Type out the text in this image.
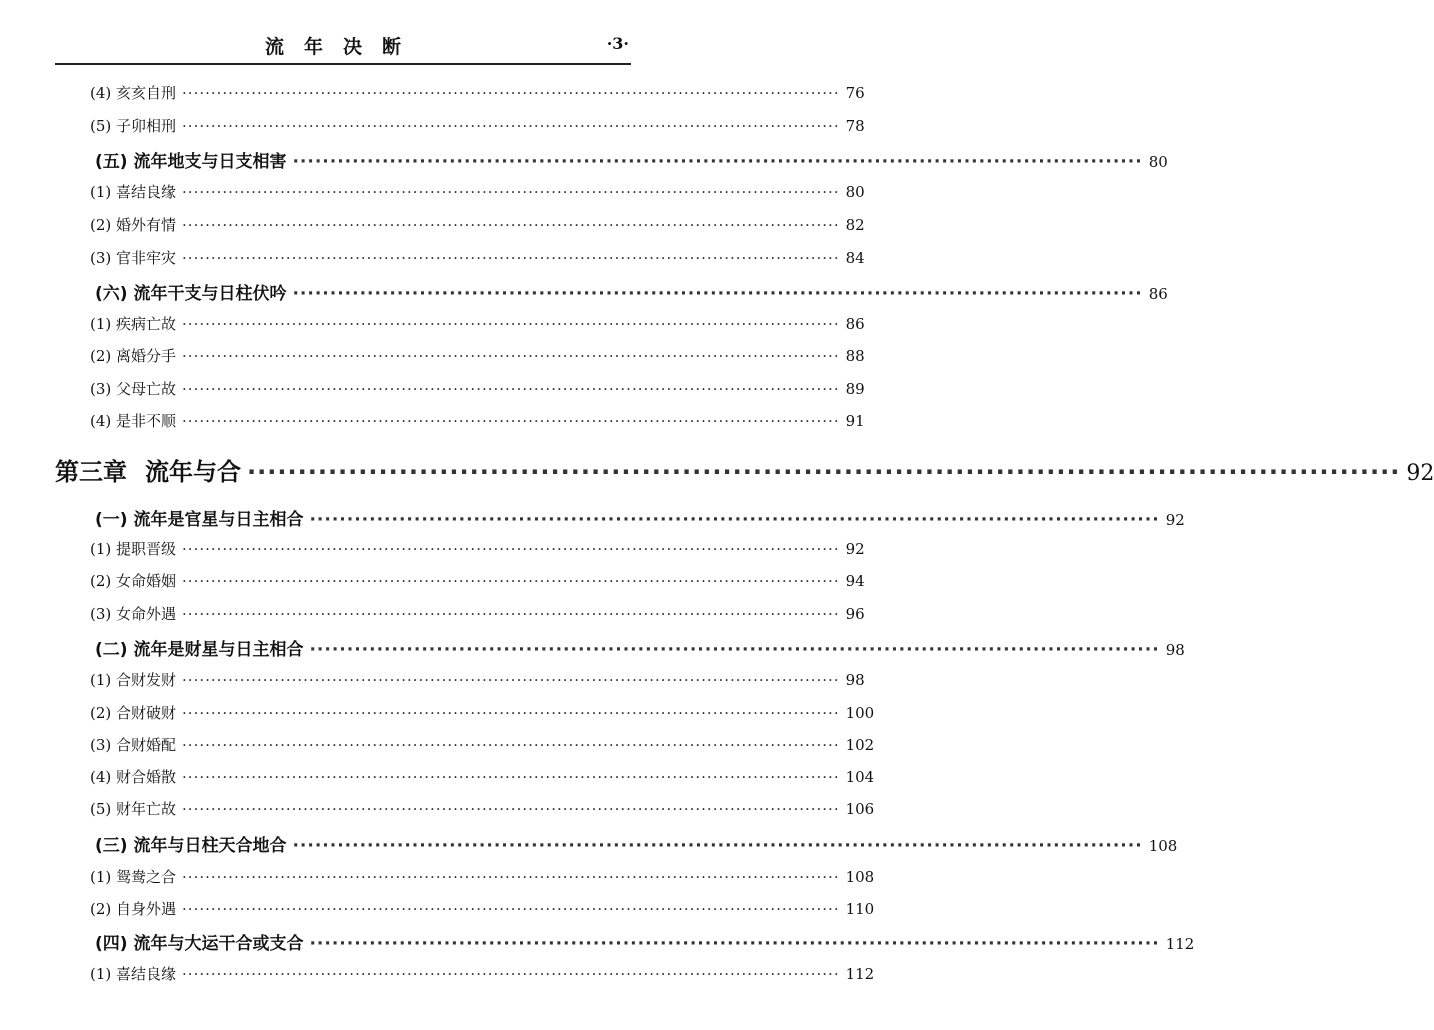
流年决断	·3·
(4) 亥亥自刑 ·················································································································· 76
(5) 子卯相刑 ·················································································································· 78
(五) 流年地支与日支相害 ·················································································································· 80
(1) 喜结良缘 ·················································································································· 80
(2) 婚外有情 ·················································································································· 82
(3) 官非牢灾 ·················································································································· 84
(六) 流年干支与日柱伏吟 ·················································································································· 86
(1) 疾病亡故 ·················································································································· 86
(2) 离婚分手 ·················································································································· 88
(3) 父母亡故 ·················································································································· 89
(4) 是非不顺 ·················································································································· 91
第三章 流年与合 ·················································································································· 92
(一) 流年是官星与日主相合 ·················································································································· 92
(1) 提职晋级 ·················································································································· 92
(2) 女命婚姻 ·················································································································· 94
(3) 女命外遇 ·················································································································· 96
(二) 流年是财星与日主相合 ·················································································································· 98
(1) 合财发财 ·················································································································· 98
(2) 合财破财 ·················································································································· 100
(3) 合财婚配 ·················································································································· 102
(4) 财合婚散 ·················································································································· 104
(5) 财年亡故 ·················································································································· 106
(三) 流年与日柱天合地合 ·················································································································· 108
(1) 鸳鸯之合 ·················································································································· 108
(2) 自身外遇 ·················································································································· 110
(四) 流年与大运干合或支合 ·················································································································· 112
(1) 喜结良缘 ·················································································································· 112
